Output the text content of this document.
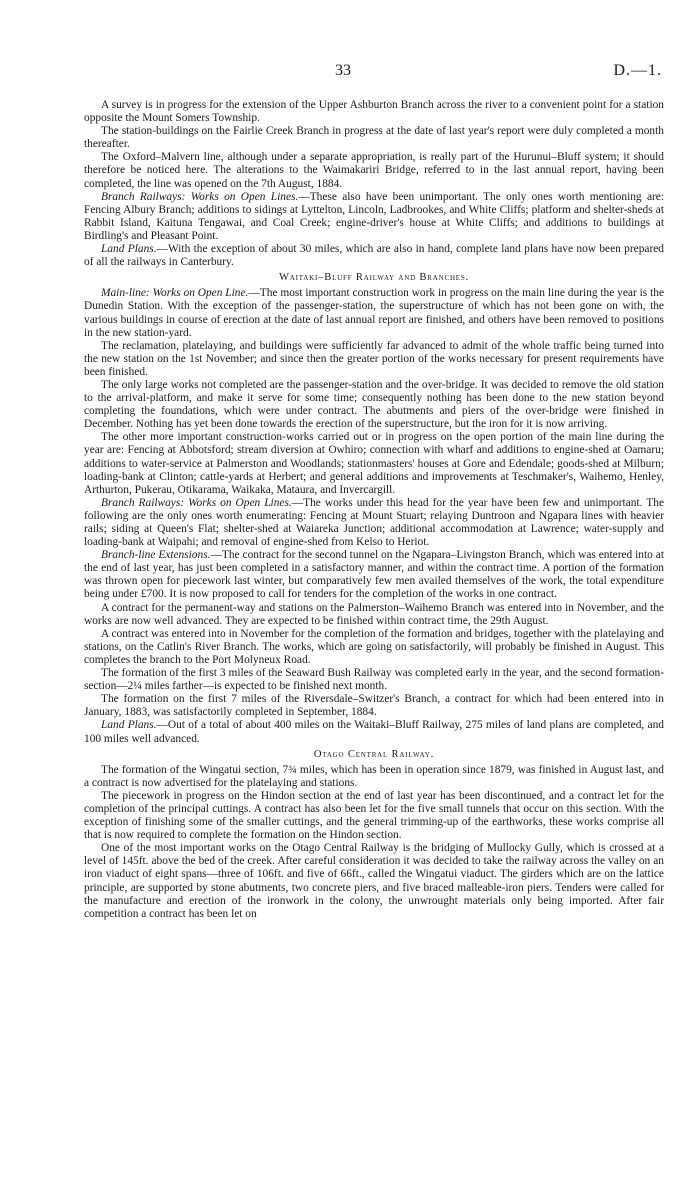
33	D.—1.

A survey is in progress for the extension of the Upper Ashburton Branch across the river to a convenient point for a station opposite the Mount Somers Township.

The station-buildings on the Fairlie Creek Branch in progress at the date of last year's report were duly completed a month thereafter.

The Oxford–Malvern line, although under a separate appropriation, is really part of the Hurunui–Bluff system; it should therefore be noticed here. The alterations to the Waimakariri Bridge, referred to in the last annual report, having been completed, the line was opened on the 7th August, 1884.

Branch Railways: Works on Open Lines.—These also have been unimportant. The only ones worth mentioning are: Fencing Albury Branch; additions to sidings at Lyttelton, Lincoln, Ladbrookes, and White Cliffs; platform and shelter-sheds at Rabbit Island, Kaituna Tengawai, and Coal Creek; engine-driver's house at White Cliffs; and additions to buildings at Birdling's and Pleasant Point.

Land Plans.—With the exception of about 30 miles, which are also in hand, complete land plans have now been prepared of all the railways in Canterbury.

Waitaki–Bluff Railway and Branches.

Main-line: Works on Open Line.—The most important construction work in progress on the main line during the year is the Dunedin Station. With the exception of the passenger-station, the superstructure of which has not been gone on with, the various buildings in course of erection at the date of last annual report are finished, and others have been removed to positions in the new station-yard.

The reclamation, platelaying, and buildings were sufficiently far advanced to admit of the whole traffic being turned into the new station on the 1st November; and since then the greater portion of the works necessary for present requirements have been finished.

The only large works not completed are the passenger-station and the over-bridge. It was decided to remove the old station to the arrival-platform, and make it serve for some time; consequently nothing has been done to the new station beyond completing the foundations, which were under contract. The abutments and piers of the over-bridge were finished in December. Nothing has yet been done towards the erection of the superstructure, but the iron for it is now arriving.

The other more important construction-works carried out or in progress on the open portion of the main line during the year are: Fencing at Abbotsford; stream diversion at Owhiro; connection with wharf and additions to engine-shed at Oamaru; additions to water-service at Palmerston and Woodlands; stationmasters' houses at Gore and Edendale; goods-shed at Milburn; loading-bank at Clinton; cattle-yards at Herbert; and general additions and improvements at Teschmaker's, Waihemo, Henley, Arthurton, Pukerau, Otikarama, Waikaka, Mataura, and Invercargill.

Branch Railways: Works on Open Lines.—The works under this head for the year have been few and unimportant. The following are the only ones worth enumerating: Fencing at Mount Stuart; relaying Duntroon and Ngapara lines with heavier rails; siding at Queen's Flat; shelter-shed at Waiareka Junction; additional accommodation at Lawrence; water-supply and loading-bank at Waipahi; and removal of engine-shed from Kelso to Heriot.

Branch-line Extensions.—The contract for the second tunnel on the Ngapara–Livingston Branch, which was entered into at the end of last year, has just been completed in a satisfactory manner, and within the contract time. A portion of the formation was thrown open for piecework last winter, but comparatively few men availed themselves of the work, the total expenditure being under £700. It is now proposed to call for tenders for the completion of the works in one contract.

A contract for the permanent-way and stations on the Palmerston–Waihemo Branch was entered into in November, and the works are now well advanced. They are expected to be finished within contract time, the 29th August.

A contract was entered into in November for the completion of the formation and bridges, together with the platelaying and stations, on the Catlin's River Branch. The works, which are going on satisfactorily, will probably be finished in August. This completes the branch to the Port Molyneux Road.

The formation of the first 3 miles of the Seaward Bush Railway was completed early in the year, and the second formation-section—2¼ miles farther—is expected to be finished next month.

The formation on the first 7 miles of the Riversdale–Switzer's Branch, a contract for which had been entered into in January, 1883, was satisfactorily completed in September, 1884.

Land Plans.—Out of a total of about 400 miles on the Waitaki–Bluff Railway, 275 miles of land plans are completed, and 100 miles well advanced.

Otago Central Railway.

The formation of the Wingatui section, 7¾ miles, which has been in operation since 1879, was finished in August last, and a contract is now advertised for the platelaying and stations.

The piecework in progress on the Hindon section at the end of last year has been discontinued, and a contract let for the completion of the principal cuttings. A contract has also been let for the five small tunnels that occur on this section. With the exception of finishing some of the smaller cuttings, and the general trimming-up of the earthworks, these works comprise all that is now required to complete the formation on the Hindon section.

One of the most important works on the Otago Central Railway is the bridging of Mullocky Gully, which is crossed at a level of 145ft. above the bed of the creek. After careful consideration it was decided to take the railway across the valley on an iron viaduct of eight spans—three of 106ft. and five of 66ft., called the Wingatui viaduct. The girders which are on the lattice principle, are supported by stone abutments, two concrete piers, and five braced malleable-iron piers. Tenders were called for the manufacture and erection of the ironwork in the colony, the unwrought materials only being imported. After fair competition a contract has been let on
